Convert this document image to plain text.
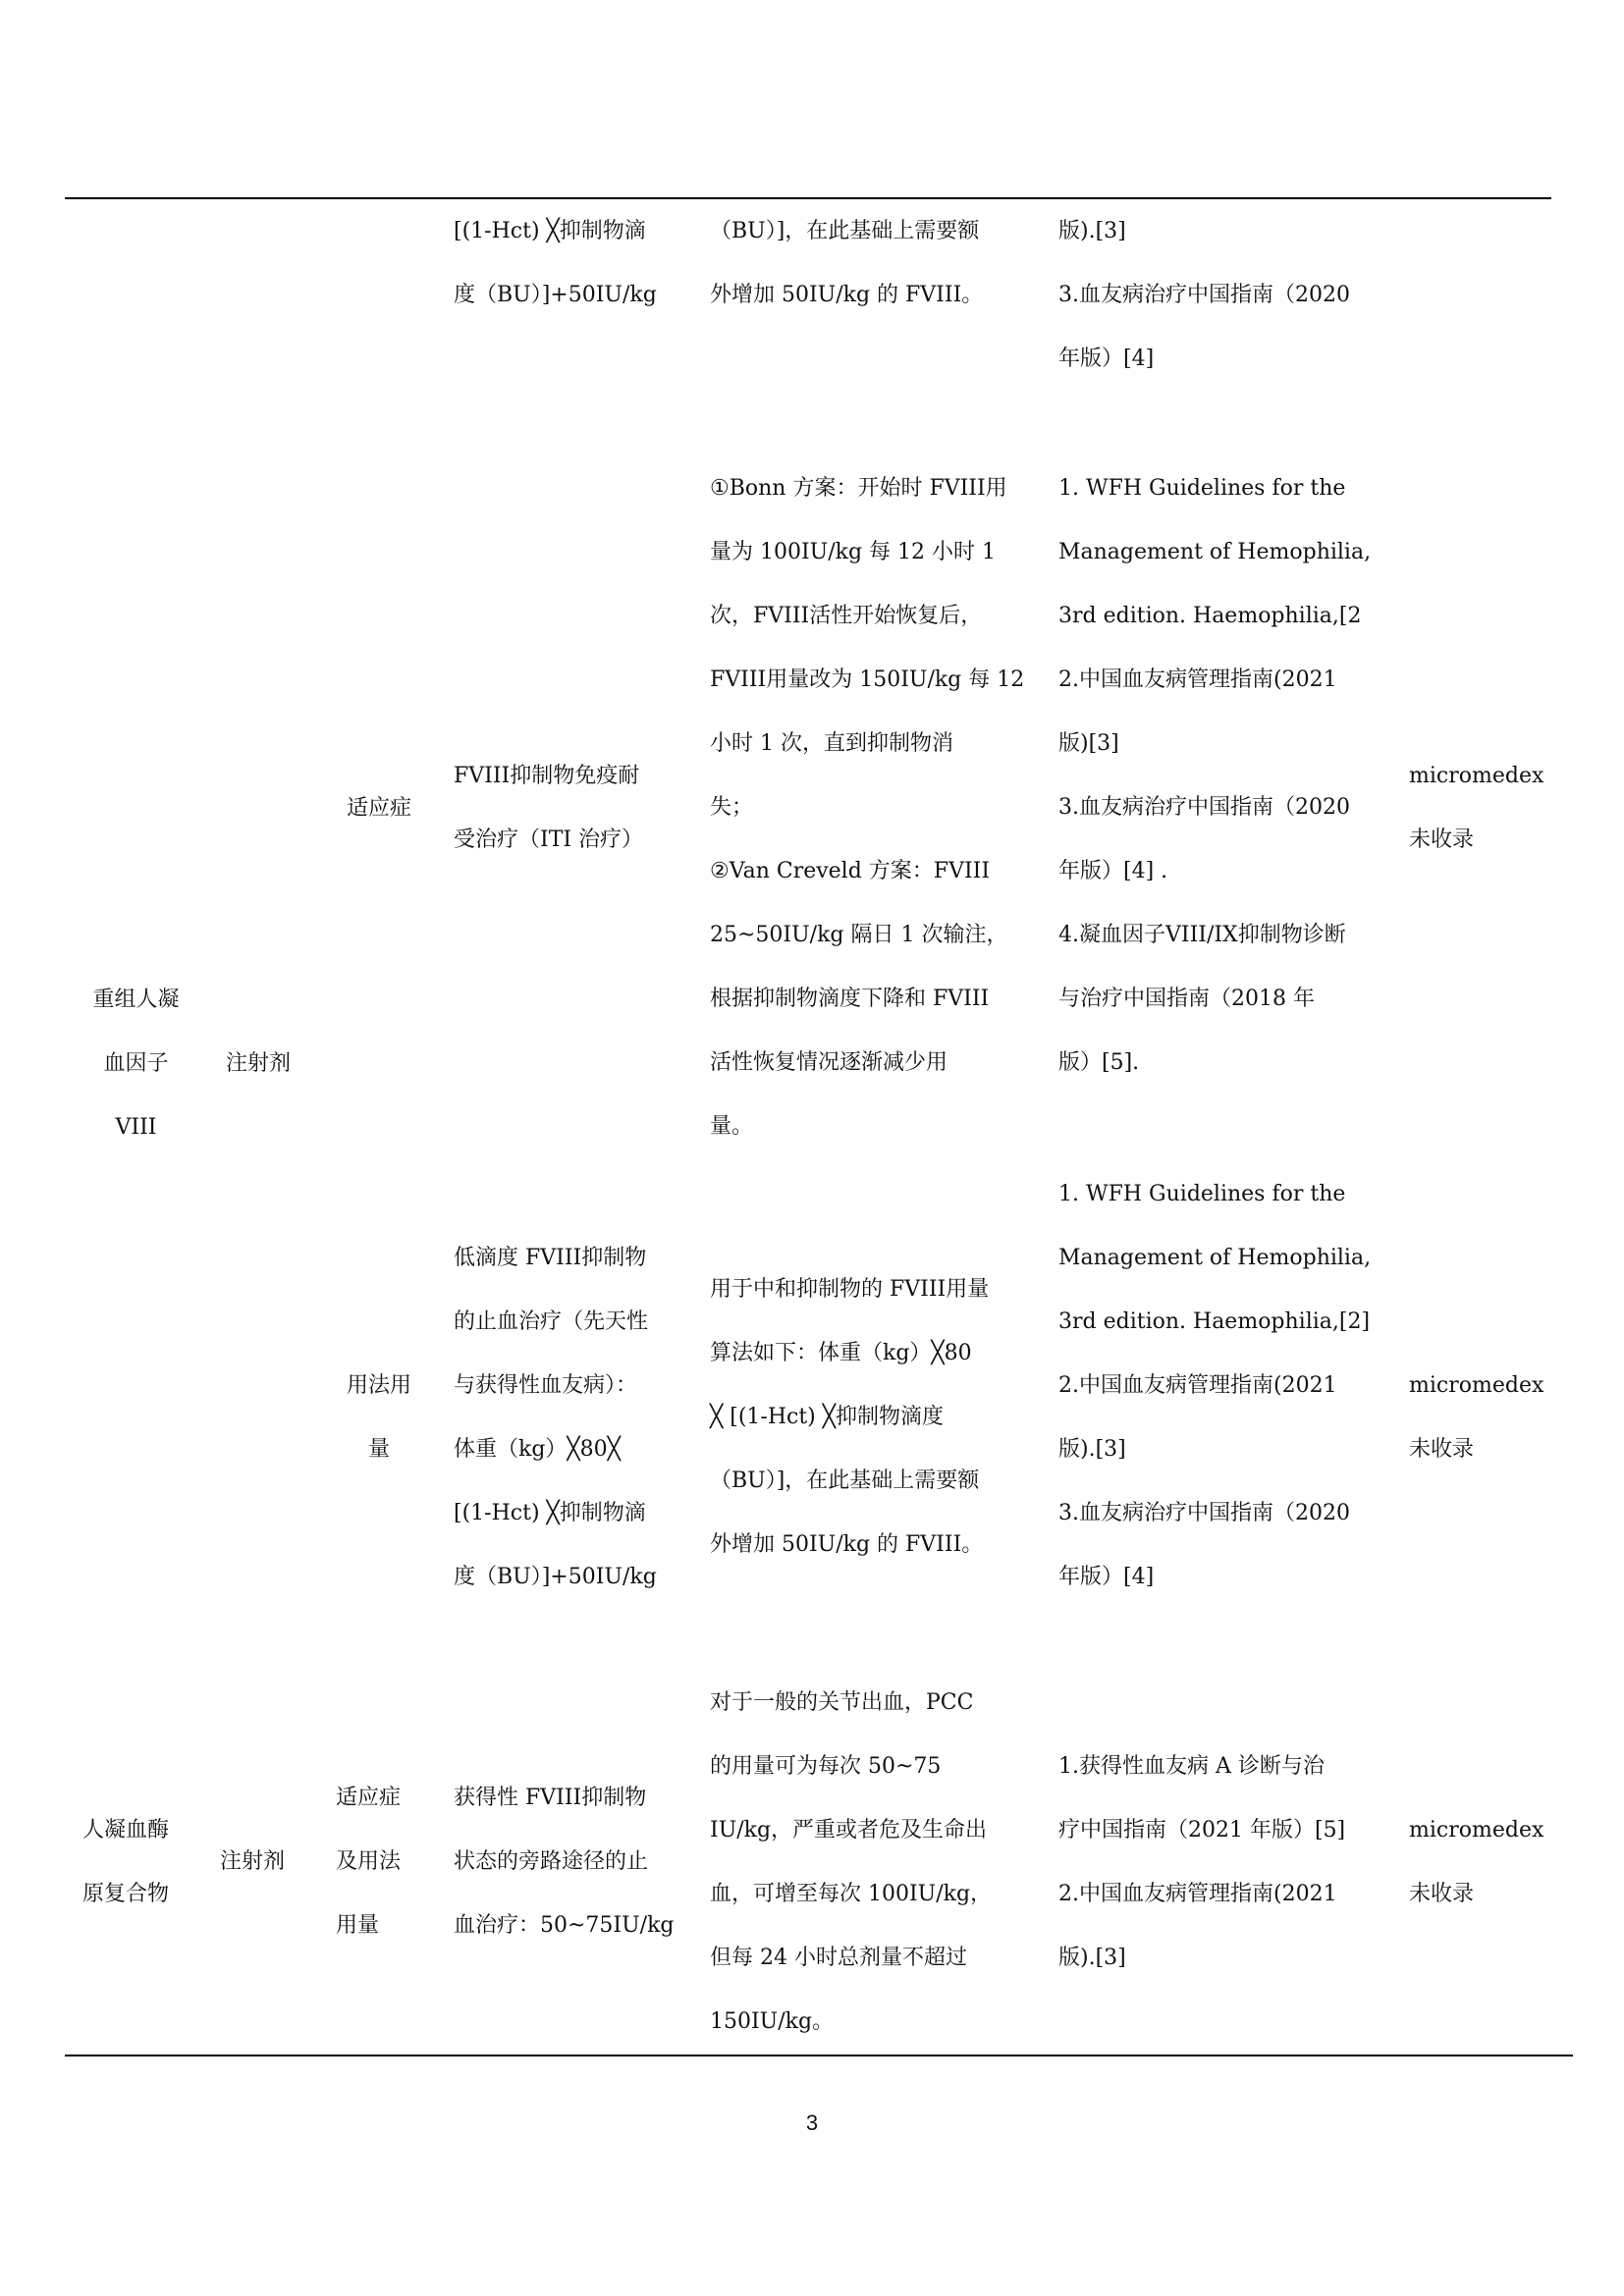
[(1-Hct) ╳抑制物滴
度（BU）]+50IU/kg
（BU）]，在此基础上需要额
外增加 50IU/kg 的 FVIII。
版).[3]
3.血友病治疗中国指南（2020
年版）[4]
适应症
FVIII抑制物免疫耐
受治疗（ITI 治疗）
①Bonn 方案：开始时 FVIII用
量为 100IU/kg 每 12 小时 1
次，FVIII活性开始恢复后，
FVIII用量改为 150IU/kg 每 12
小时 1 次，直到抑制物消
失；
②Van Creveld 方案：FVIII
25~50IU/kg 隔日 1 次输注，
根据抑制物滴度下降和 FVIII
活性恢复情况逐渐减少用
量。
1. WFH Guidelines for the
Management of Hemophilia,
3rd edition. Haemophilia,[2
2.中国血友病管理指南(2021
版)[3]
3.血友病治疗中国指南（2020
年版）[4] .
4.凝血因子VIII/IX抑制物诊断
与治疗中国指南（2018 年
版）[5].
micromedex
未收录
重组人凝
血因子
VIII
注射剂
用法用
量
低滴度 FVIII抑制物
的止血治疗（先天性
与获得性血友病）：
体重（kg）╳80╳
[(1-Hct) ╳抑制物滴
度（BU）]+50IU/kg
用于中和抑制物的 FVIII用量
算法如下：体重（kg）╳80
╳ [(1-Hct) ╳抑制物滴度
（BU）]，在此基础上需要额
外增加 50IU/kg 的 FVIII。
1. WFH Guidelines for the
Management of Hemophilia,
3rd edition. Haemophilia,[2]
2.中国血友病管理指南(2021
版).[3]
3.血友病治疗中国指南（2020
年版）[4]
micromedex
未收录
人凝血酶
原复合物
注射剂
适应症
及用法
用量
获得性 FVIII抑制物
状态的旁路途径的止
血治疗：50~75IU/kg
对于一般的关节出血，PCC
的用量可为每次 50~75
IU/kg，严重或者危及生命出
血，可增至每次 100IU/kg，
但每 24 小时总剂量不超过
150IU/kg。
1.获得性血友病 A 诊断与治
疗中国指南（2021 年版）[5]
2.中国血友病管理指南(2021
版).[3]
micromedex
未收录
3
